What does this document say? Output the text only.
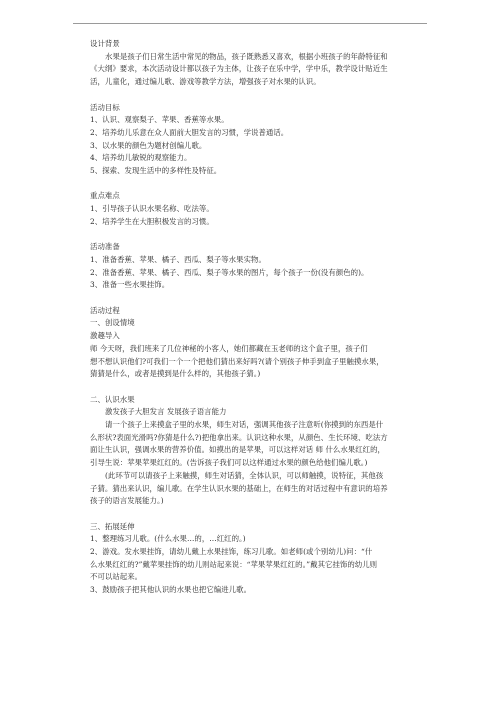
设计背景
水果是孩子们日常生活中常见的物品，孩子既熟悉又喜欢，根据小班孩子的年龄特征和
《大纲》要求，本次活动设计都以孩子为主体，让孩子在乐中学，学中乐，教学设计贴近生
活，儿童化，通过编儿歌、游戏等教学方法，增强孩子对水果的认识。
活动目标
1、认识、观察梨子、苹果、香蕉等水果。
2、培养幼儿乐意在众人面前大胆发言的习惯，学说普通话。
3、以水果的颜色为题材创编儿歌。
4、培养幼儿敏锐的观察能力。
5、探索、发现生活中的多样性及特征。
重点难点
1、引导孩子认识水果名称、吃法等。
2、培养学生在大胆积极发言的习惯。
活动准备
1、准备香蕉、苹果、橘子、西瓜、梨子等水果实物。
2、准备香蕉、苹果、橘子、西瓜、梨子等水果的图片，每个孩子一份(没有颜色的)。
3、准备一些水果挂饰。
活动过程
一、创设情境
激趣导入
师 今天呀，我们班来了几位神秘的小客人，她们都藏在玉老师的这个盒子里，孩子们
想不想认识他们?可我们一个一个把他们猜出来好吗?(请个别孩子伸手到盒子里触摸水果，
猜猜是什么，或者是摸到是什么样的，其他孩子猜。)
二、认识水果
激发孩子大胆发言 发展孩子语言能力
请一个孩子上来摸盒子里的水果，师生对话，强调其他孩子注意听(你摸到的东西是什
么形状?表面光滑吗?你猜是什么?)把他拿出来。认识这种水果，从颜色、生长环境、吃法方
面让生认识，强调水果的营养价值。如摸出的是苹果，可以这样对话 师 什么水果红红的，
引导生说：苹果苹果红红的。(告诉孩子我们可以这样通过水果的颜色给他们编儿歌。)
(此环节可以请孩子上来触摸，师生对话猜，全体认识，可以师触摸，说特征，其他孩
子猜。猜出来认识，编儿歌。在学生认识水果的基础上，在师生的对话过程中有意识的培养
孩子的语言发展能力。)
三、拓展延伸
1、整理练习儿歌。(什么水果…的，…红红的。)
2、游戏。发水果挂饰，请幼儿戴上水果挂饰，练习儿歌。如老师(或个别幼儿)问：“什
么水果红红的?”戴苹果挂饰的幼儿则站起来说：“苹果苹果红红的。”戴其它挂饰的幼儿则
不可以站起来。
3、鼓励孩子把其他认识的水果也把它编进儿歌。
